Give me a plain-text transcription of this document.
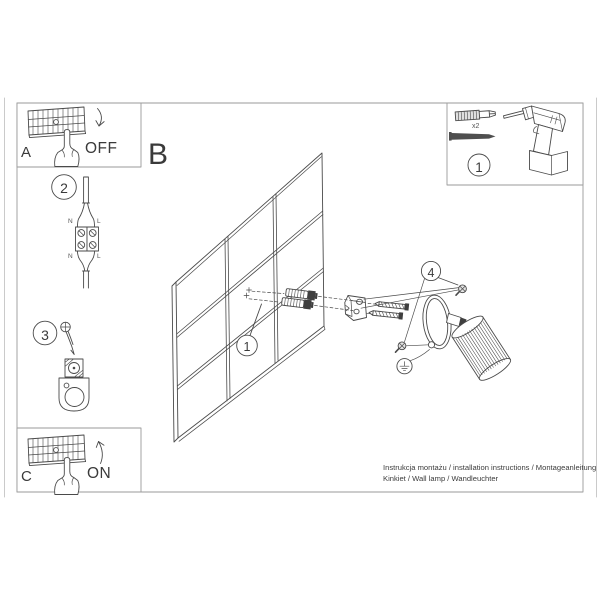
A	OFF B
C	ON
2
3
1
4
1
N	L
N	L
x2
Instrukcja montażu / installation instructions / Montageanleitung
Kinkiet / Wall lamp / Wandleuchter
